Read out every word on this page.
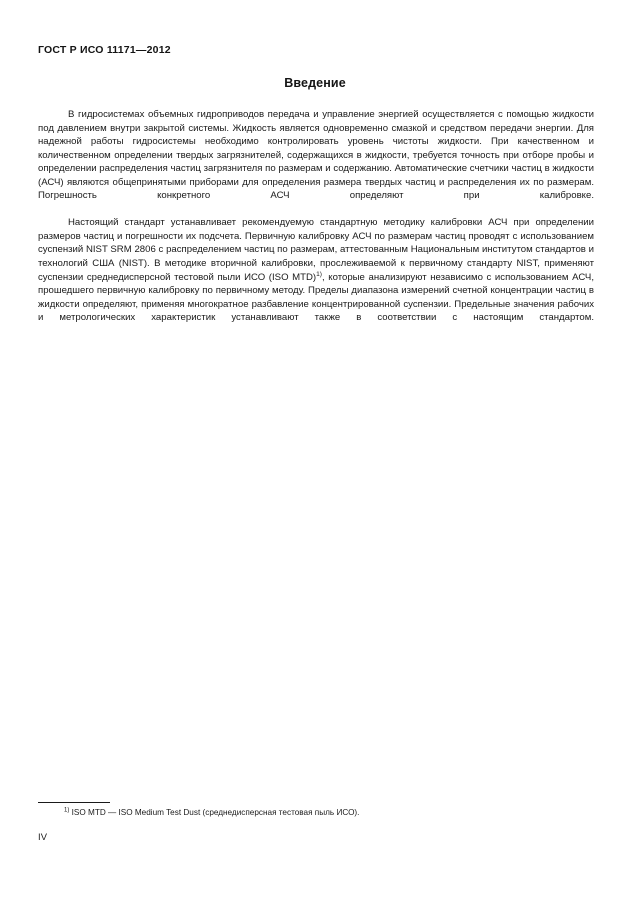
ГОСТ Р ИСО 11171—2012
Введение

В гидросистемах объемных гидроприводов передача и управление энергией осуществляется с помощью жидкости под давлением внутри закрытой системы. Жидкость является одновременно смазкой и средством передачи энергии. Для надежной работы гидросистемы необходимо контролировать уровень чистоты жидкости. При качественном и количественном определении твердых загрязнителей, содержащихся в жидкости, требуется точность при отборе пробы и определении распределения частиц загрязнителя по размерам и содержанию. Автоматические счетчики частиц в жидкости (АСЧ) являются общепринятыми приборами для определения размера твердых частиц и распределения их по размерам. Погрешность конкретного АСЧ определяют при калибровке.

Настоящий стандарт устанавливает рекомендуемую стандартную методику калибровки АСЧ при определении размеров частиц и погрешности их подсчета. Первичную калибровку АСЧ по размерам частиц проводят с использованием суспензий NIST SRM 2806 с распределением частиц по размерам, аттестованным Национальным институтом стандартов и технологий США (NIST). В методике вторичной калибровки, прослеживаемой к первичному стандарту NIST, применяют суспензии среднедисперсной тестовой пыли ИСО (ISO MTD)$^{1)}$, которые анализируют независимо с использованием АСЧ, прошедшего первичную калибровку по первичному методу. Пределы диапазона измерений счетной концентрации частиц в жидкости определяют, применяя многократное разбавление концентрированной суспензии. Предельные значения рабочих и метрологических характеристик устанавливают также в соответствии с настоящим стандартом.

$^{1)}$ ISO MTD — ISO Medium Test Dust (среднедисперсная тестовая пыль ИСО).
IV
